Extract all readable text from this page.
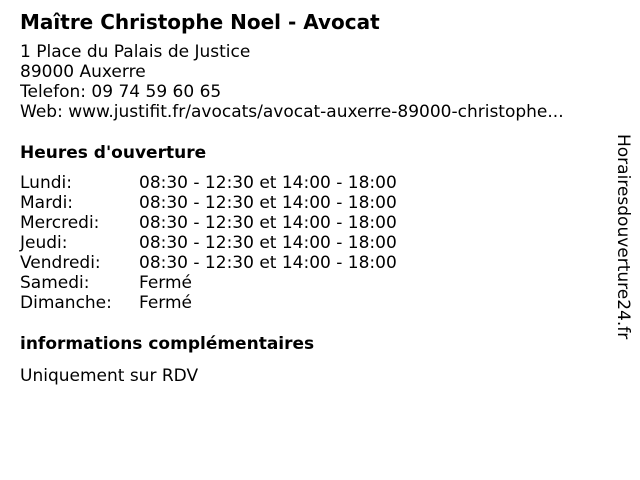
Maître Christophe Noel - Avocat
1 Place du Palais de Justice
89000 Auxerre
Telefon: 09 74 59 60 65
Web: www.justifit.fr/avocats/avocat-auxerre-89000-christophe...
Heures d'ouverture
Lundi:	08:30 - 12:30 et 14:00 - 18:00
Mardi:	08:30 - 12:30 et 14:00 - 18:00
Mercredi:	08:30 - 12:30 et 14:00 - 18:00
Jeudi:	08:30 - 12:30 et 14:00 - 18:00
Vendredi:	08:30 - 12:30 et 14:00 - 18:00
Samedi:	Fermé
Dimanche:	Fermé
informations complémentaires
Uniquement sur RDV
Horairesdouverture24.fr
